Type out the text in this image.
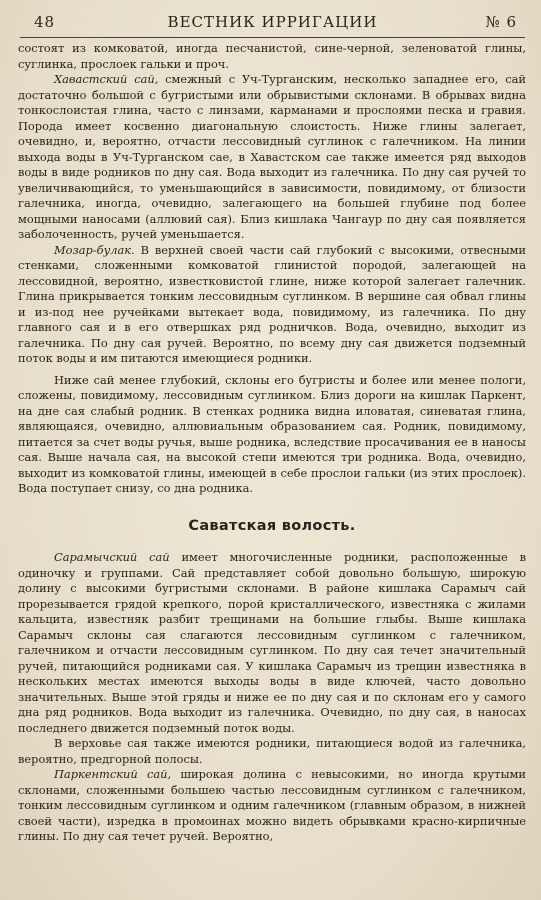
48	ВЕСТНИК ИРРИГАЦИИ	№ 6

состоят из комковатой, иногда песчанистой, сине-черной, зеленоватой глины, суглинка, прослоек гальки и проч.

Хавастский сай, смежный с Уч-Турганским, несколько западнее его, сай достаточно большой с бугристыми или обрывистыми склонами. В обрывах видна тонкослоистая глина, часто с линзами, карманами и прослоями песка и гравия. Порода имеет косвенно диагональную слоистость. Ниже глины залегает, очевидно, и, вероятно, отчасти лессовидный суглинок с галечником. На линии выхода воды в Уч-Турганском сае, в Хавастском сае также имеется ряд выходов воды в виде родников по дну сая. Вода выходит из галечника. По дну сая ручей то увеличивающийся, то уменьшающийся в зависимости, повидимому, от близости галечника, иногда, очевидно, залегающего на большей глубине под более мощными наносами (аллювий сая). Близ кишлака Чангаур по дну сая появляется заболоченность, ручей уменьшается.

Мозар-булак. В верхней своей части сай глубокий с высокими, отвесными стенками, сложенными комковатой глинистой породой, залегающей на лессовидной, вероятно, известковистой глине, ниже которой залегает галечник. Глина прикрывается тонким лессовидным суглинком. В вершине сая обвал глины и из-под нее ручейками вытекает вода, повидимому, из галечника. По дну главного сая и в его отвершках ряд родничков. Вода, очевидно, выходит из галечника. По дну сая ручей. Вероятно, по всему дну сая движется подземный поток воды и им питаются имеющиеся родники.

Ниже сай менее глубокий, склоны его бугристы и более или менее пологи, сложены, повидимому, лессовидным суглинком. Близ дороги на кишлак Паркент, на дне сая слабый родник. В стенках родника видна иловатая, синеватая глина, являющаяся, очевидно, аллювиальным образованием сая. Родник, повидимому, питается за счет воды ручья, выше родника, вследствие просачивания ее в наносы сая. Выше начала сая, на высокой степи имеются три родника. Вода, очевидно, выходит из комковатой глины, имеющей в себе прослои гальки (из этих прослоек). Вода поступает снизу, со дна родника.

Саватская волость.

Сарамычский сай имеет многочисленные родники, расположенные в одиночку и группами. Сай представляет собой довольно большую, широкую долину с высокими бугристыми склонами. В районе кишлака Сарамыч сай прорезывается грядой крепкого, порой кристаллического, известняка с жилами кальцита, известняк разбит трещинами на большие глыбы. Выше кишлака Сарамыч склоны сая слагаются лессовидным суглинком с галечником, галечником и отчасти лессовидным суглинком. По дну сая течет значительный ручей, питающийся родниками сая. У кишлака Сарамыч из трещин известняка в нескольких местах имеются выходы воды в виде ключей, часто довольно значительных. Выше этой гряды и ниже ее по дну сая и по склонам его у самого дна ряд родников. Вода выходит из галечника. Очевидно, по дну сая, в наносах последнего движется подземный поток воды.

В верховье сая также имеются родники, питающиеся водой из галечника, вероятно, предгорной полосы.

Паркентский сай, широкая долина с невысокими, но иногда крутыми склонами, сложенными большею частью лессовидным суглинком с галечником, тонким лессовидным суглинком и одним галечником (главным образом, в нижней своей части), изредка в промоинах можно видеть обрывками красно-кирпичные глины. По дну сая течет ручей. Вероятно,
